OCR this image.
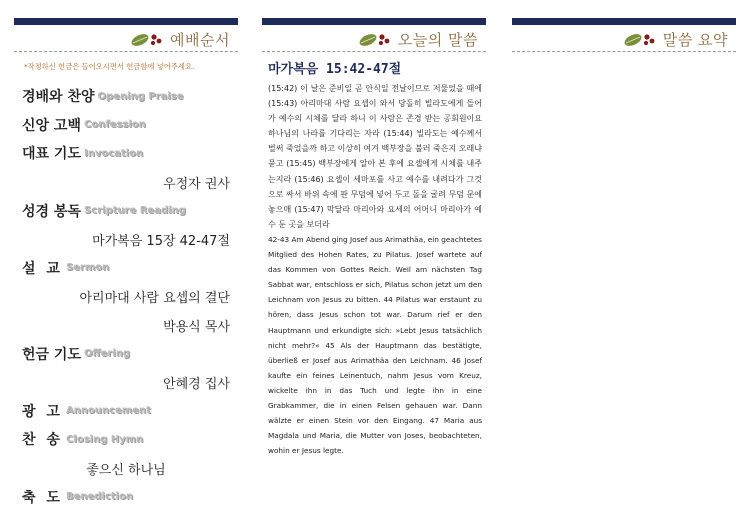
예배순서
*작정하신 헌금은 들어오시면서 헌금함에 넣어주세요.
경배와 찬양 Opening Praise
신앙 고백 Confession
대표 기도 Invocation
우정자 권사
성경 봉독 Scripture Reading
마가복음 15장 42-47절
설 교 Sermon
아리마대 사람 요셉의 결단
박용식 목사
헌금 기도 Offering
안혜경 집사
광 고 Announcement
찬 송 Closing Hymn
좋으신 하나님
축 도 Benediction
오늘의 말씀
마가복음 15:42-47절
(15:42) 이 날은 준비일 곧 안식일 전날이므로 저물었을 때에 (15:43) 아리마대 사람 요셉이 와서 당돌히 빌라도에게 들어가 예수의 시체를 달라 하니 이 사람은 존경 받는 공회원이요 하나님의 나라를 기다리는 자라 (15:44) 빌라도는 예수께서 벌써 죽었을까 하고 이상히 여겨 백부장을 불러 죽은지 오래냐 묻고 (15:45) 백부장에게 알아 본 후에 요셉에게 시체를 내주는지라 (15:46) 요셉이 세마포를 사고 예수를 내려다가 그것으로 싸서 바위 속에 판 무덤에 넣어 두고 돌을 굴려 무덤 문에 놓으매 (15:47) 막달라 마리아와 요세의 어머니 마리아가 예수 둔 곳을 보더라
42-43 Am Abend ging Josef aus Arimathäa, ein geachtetes Mitglied des Hohen Rates, zu Pilatus. Josef wartete auf das Kommen von Gottes Reich. Weil am nächsten Tag Sabbat war, entschloss er sich, Pilatus schon jetzt um den Leichnam von Jesus zu bitten. 44 Pilatus war erstaunt zu hören, dass Jesus schon tot war. Darum rief er den Hauptmann und erkundigte sich: »Lebt Jesus tatsächlich nicht mehr?« 45 Als der Hauptmann das bestätigte, überließ er Josef aus Arimathäa den Leichnam. 46 Josef kaufte ein feines Leinentuch, nahm Jesus vom Kreuz, wickelte ihn in das Tuch und legte ihn in eine Grabkammer, die in einen Felsen gehauen war. Dann wälzte er einen Stein vor den Eingang. 47 Maria aus Magdala und Maria, die Mutter von Joses, beobachteten, wohin er Jesus legte.
말씀 요약
